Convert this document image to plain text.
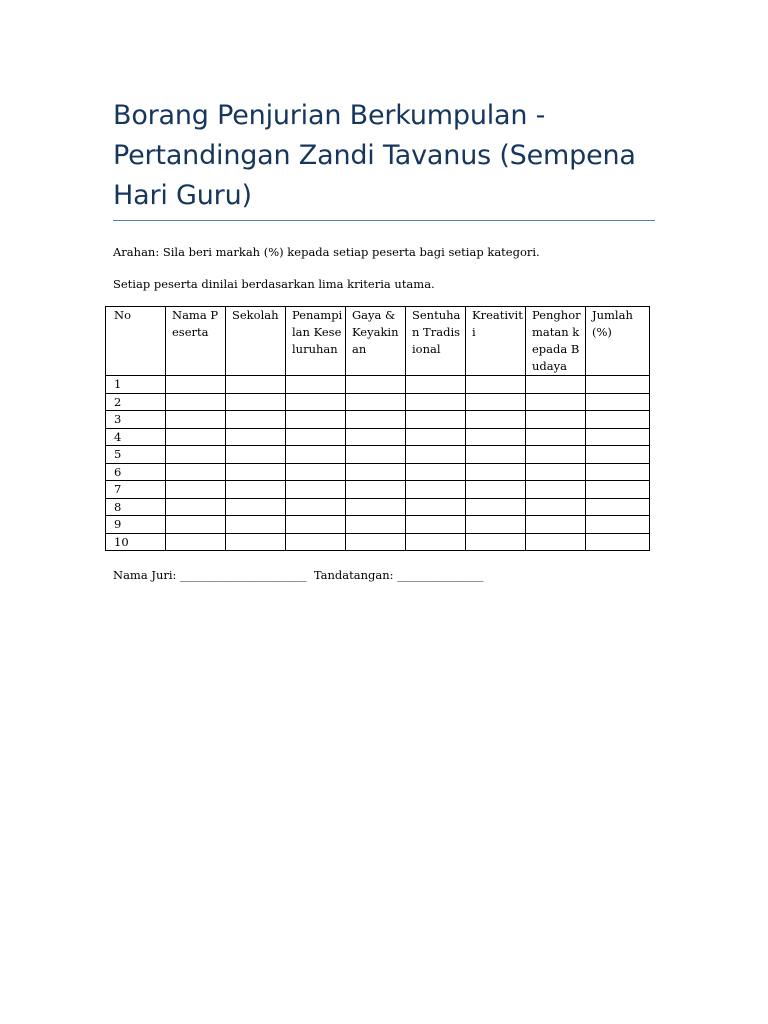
Borang Penjurian Berkumpulan - Pertandingan Zandi Tavanus (Sempena Hari Guru)

Arahan: Sila beri markah (%) kepada setiap peserta bagi setiap kategori.

Setiap peserta dinilai berdasarkan lima kriteria utama.

No	Nama Peserta	Sekolah	Penampilan Keseluruhan	Gaya & Keyakinan	Sentuhan Tradisional	Kreativiti	Penghormatan kepada Budaya	Jumlah (%)
1								
2								
3								
4								
5								
6								
7								
8								
9								
10								

Nama Juri: ______________________ Tandatangan: _______________
